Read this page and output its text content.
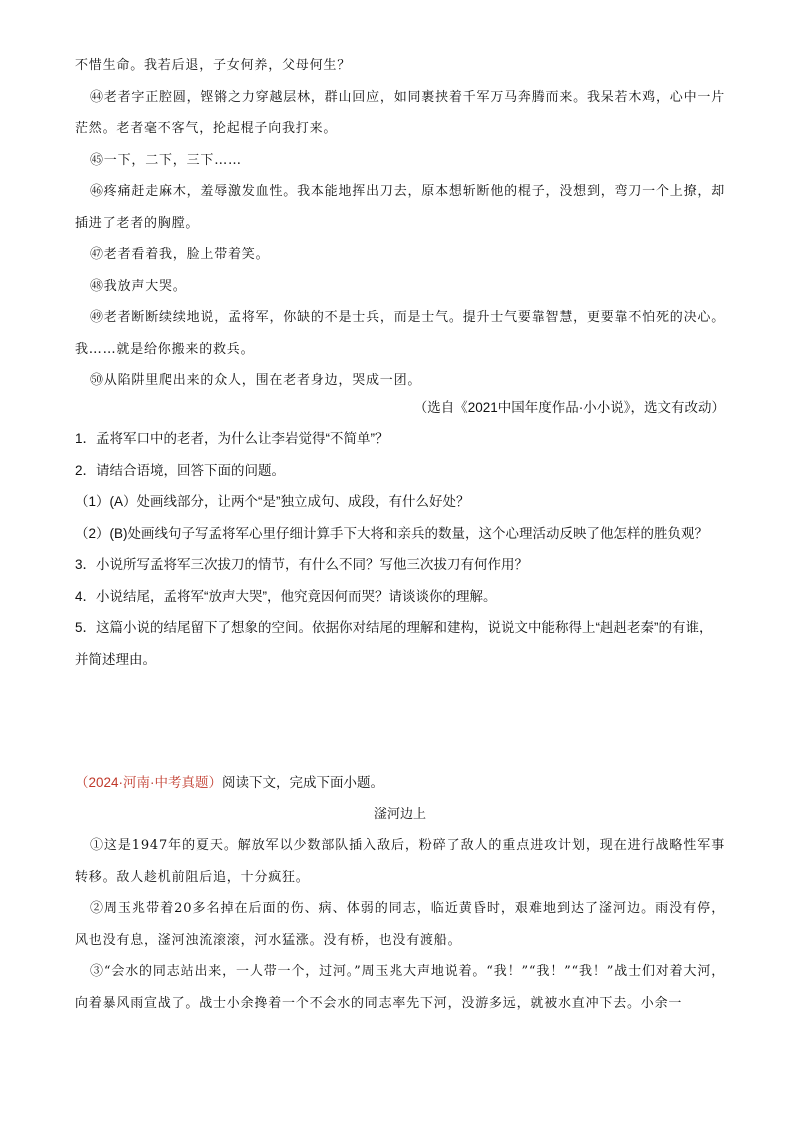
不惜生命。我若后退，子女何养，父母何生？

㊹老者字正腔圆，铿锵之力穿越层林，群山回应，如同裹挟着千军万马奔腾而来。我呆若木鸡，心中一片茫然。老者毫不客气，抡起棍子向我打来。

㊺一下，二下，三下……

㊻疼痛赶走麻木，羞辱激发血性。我本能地挥出刀去，原本想斩断他的棍子，没想到，弯刀一个上撩，却插进了老者的胸膛。

㊼老者看着我，脸上带着笑。

㊽我放声大哭。

㊾老者断断续续地说，孟将军，你缺的不是士兵，而是士气。提升士气要靠智慧，更要靠不怕死的决心。我……就是给你搬来的救兵。

㊿从陷阱里爬出来的众人，围在老者身边，哭成一团。

（选自《2021中国年度作品·小小说》，选文有改动）

1．孟将军口中的老者，为什么让李岩觉得“不简单”？

2．请结合语境，回答下面的问题。

（1）(A）处画线部分，让两个“是”独立成句、成段，有什么好处？

（2）(B)处画线句子写孟将军心里仔细计算手下大将和亲兵的数量，这个心理活动反映了他怎样的胜负观？

3．小说所写孟将军三次拔刀的情节，有什么不同？写他三次拔刀有何作用？

4．小说结尾，孟将军“放声大哭”，他究竟因何而哭？请谈谈你的理解。

5．这篇小说的结尾留下了想象的空间。依据你对结尾的理解和建构，说说文中能称得上“赳赳老秦”的有谁，并简述理由。

（2024·河南·中考真题）阅读下文，完成下面小题。
滏河边上

①这是1947年的夏天。解放军以少数部队插入敌后，粉碎了敌人的重点进攻计划，现在进行战略性军事转移。敌人趁机前阻后追，十分疯狂。

②周玉兆带着20多名掉在后面的伤、病、体弱的同志，临近黄昏时，艰难地到达了滏河边。雨没有停，风也没有息，滏河浊流滚滚，河水猛涨。没有桥，也没有渡船。

③“会水的同志站出来，一人带一个，过河。”周玉兆大声地说着。“我！”“我！”“我！”战士们对着大河，向着暴风雨宣战了。战士小余搀着一个不会水的同志率先下河，没游多远，就被水直冲下去。小余一
